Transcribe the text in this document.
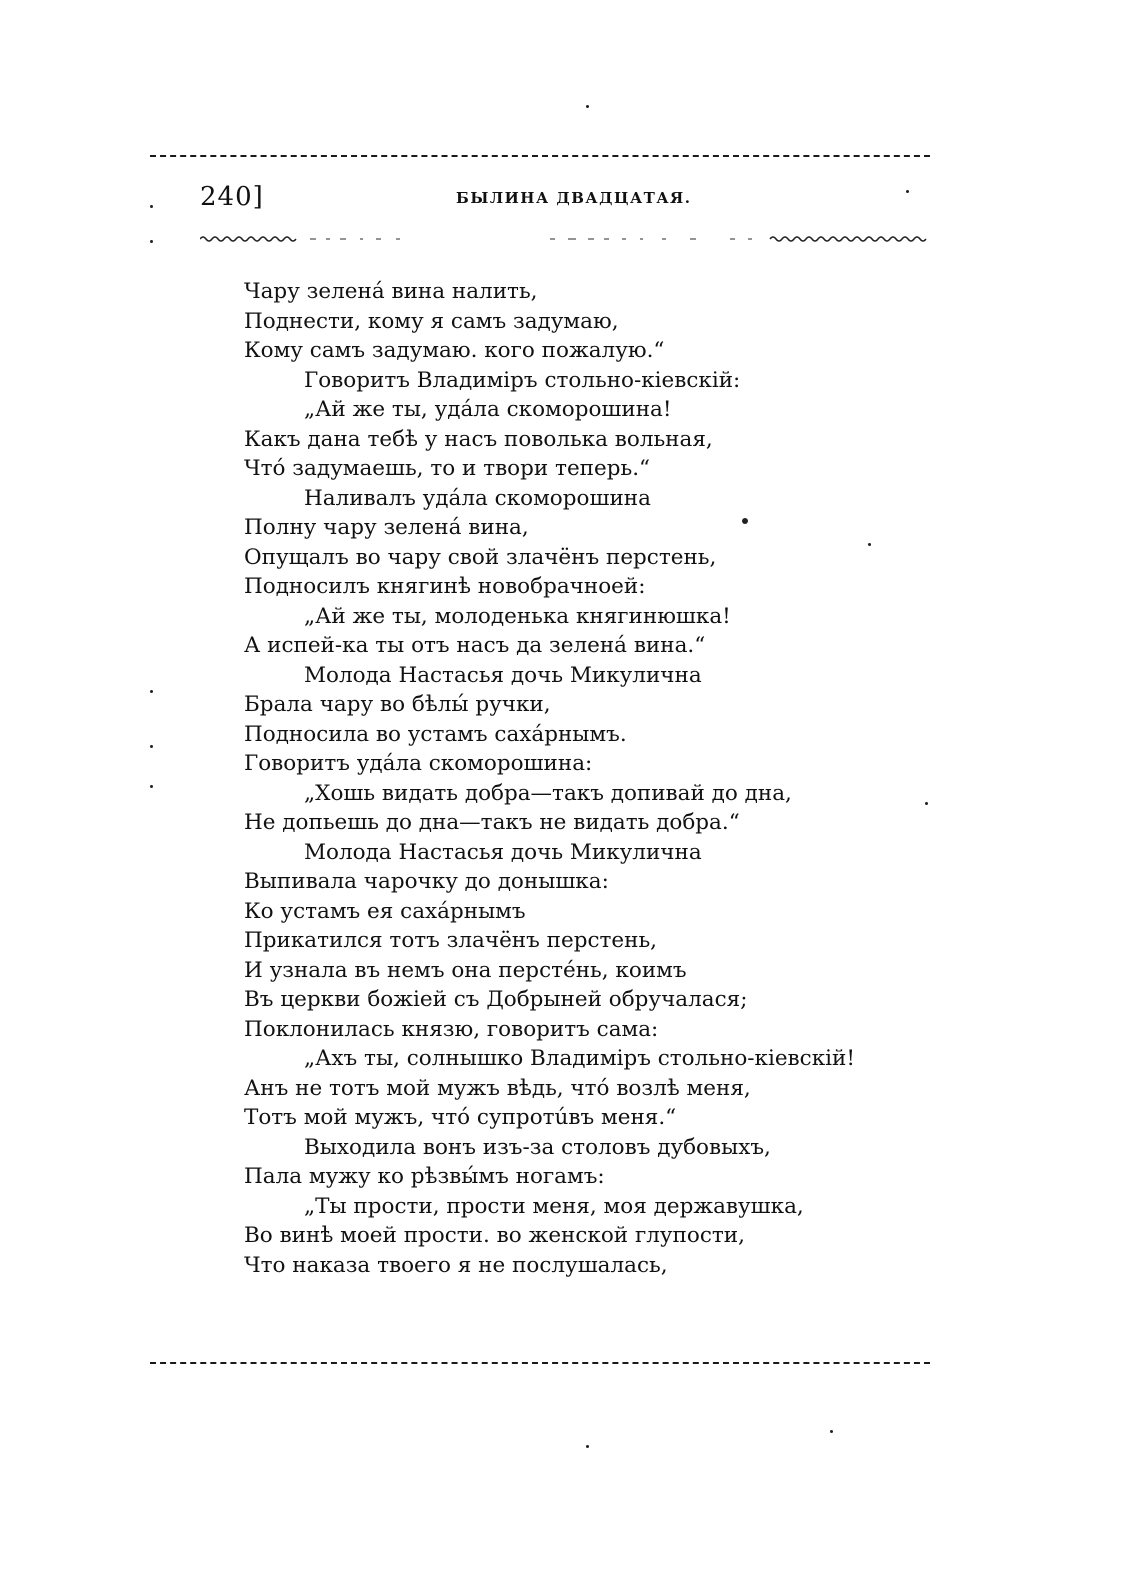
240]	БЫЛИНА ДВАДЦАТАЯ.
Чару зеленá вина налить,
Поднести, кому я самъ задумаю,
Кому самъ задумаю. кого пожалую.“
Говоритъ Владимiръ стольно-кiевскiй:
„Ай же ты, удáла скоморошина!
Какъ дана тебѣ у насъ поволька вольная,
Чтó задумаешь, то и твори теперь.“
Наливалъ удáла скоморошина
Полну чару зеленá вина,
Опущалъ во чару свой злачёнъ перстень,
Подносилъ княгинѣ новобрачноей:
„Ай же ты, молоденька княгинюшка!
А испей-ка ты отъ насъ да зеленá вина.“
Молода Настасья дочь Микулична
Брала чару во бѣлы́ ручки,
Подносила во устамъ сахáрнымъ.
Говоритъ удáла скоморошина:
„Хошь видать добра—такъ допивай до дна,
Не допьешь до дна—такъ не видать добра.“
Молода Настасья дочь Микулична
Выпивала чарочку до донышка:
Ко устамъ ея сахáрнымъ
Прикатился тотъ злачёнъ перстень,
И узнала въ немъ она перстéнь, коимъ
Въ церкви божiей съ Добрыней обручалася;
Поклонилась князю, говоритъ сама:
„Ахъ ты, солнышко Владимiръ стольно-кiевскiй!
Анъ не тотъ мой мужъ вѣдь, чтó возлѣ меня,
Тотъ мой мужъ, чтó супротúвъ меня.“
Выходила вонъ изъ-за столовъ дубовыхъ,
Пала мужу ко рѣзвы́мъ ногамъ:
„Ты прости, прости меня, моя державушка,
Во винѣ моей прости. во женской глупости,
Что наказа твоего я не послушалась,
